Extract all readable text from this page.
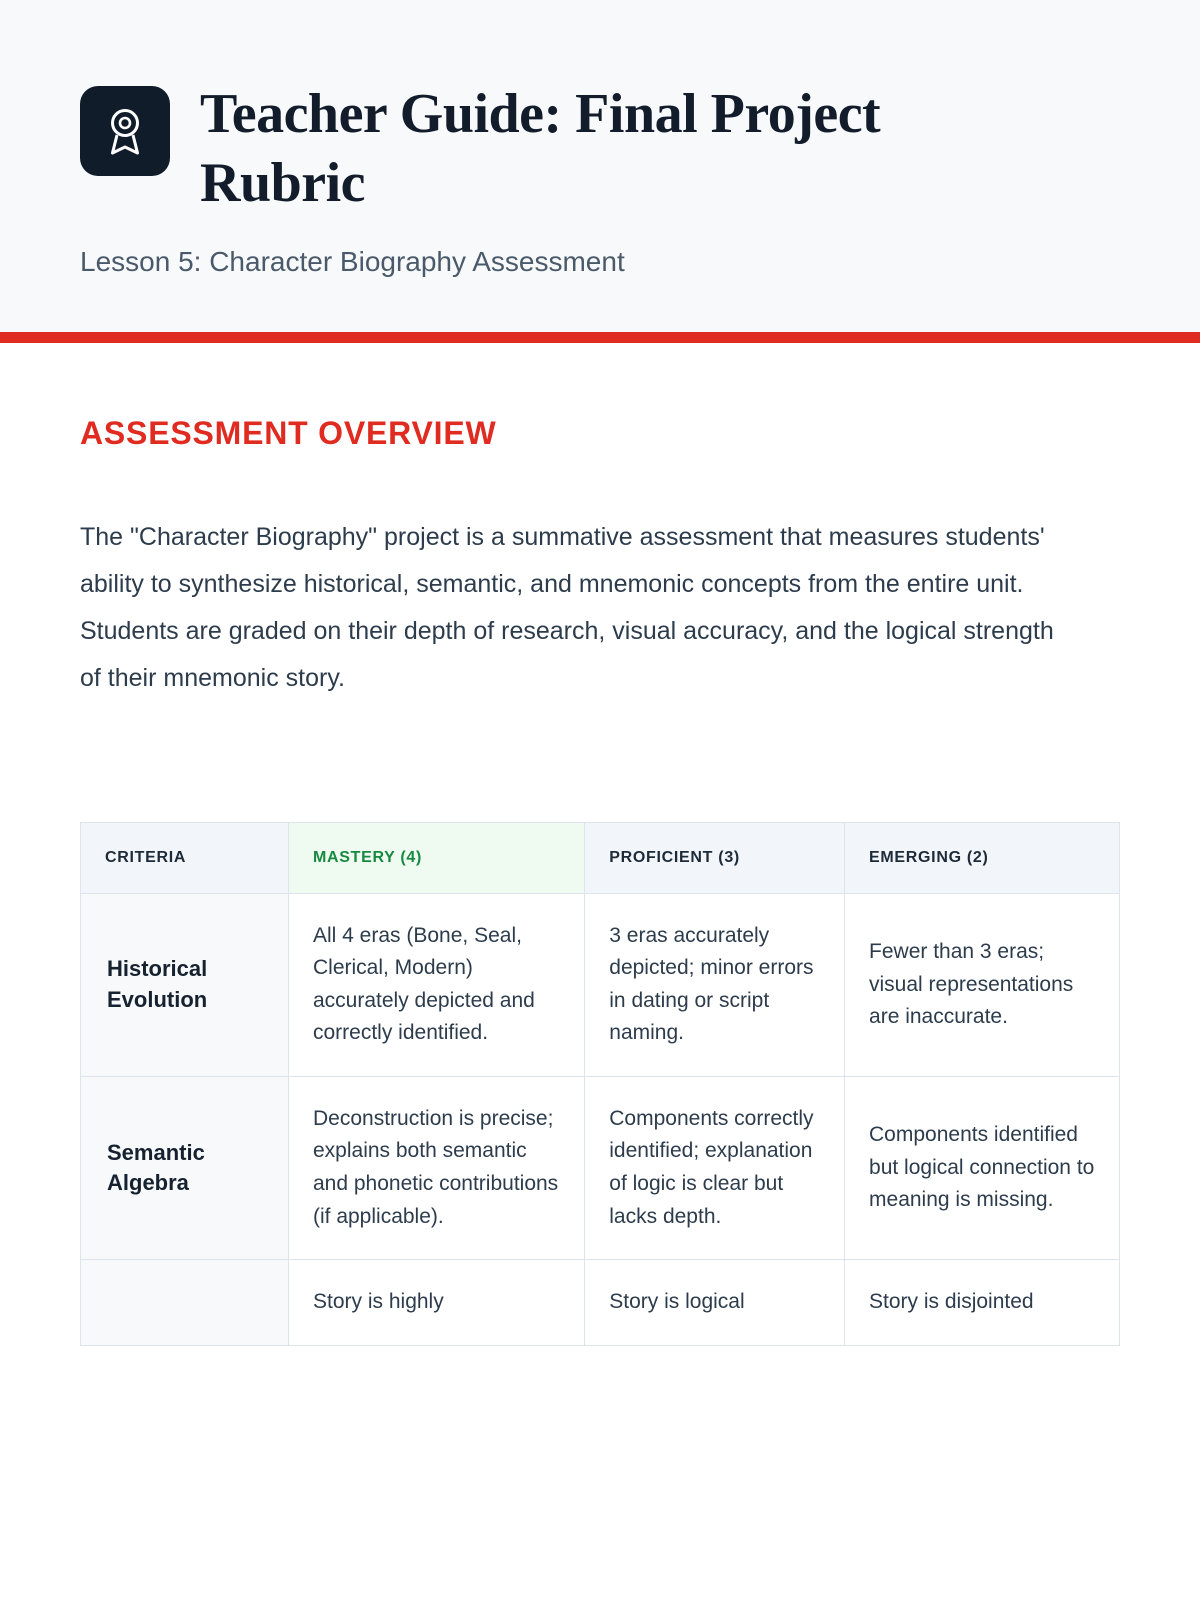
Teacher Guide: Final Project Rubric

Lesson 5: Character Biography Assessment

ASSESSMENT OVERVIEW

The "Character Biography" project is a summative assessment that measures students' ability to synthesize historical, semantic, and mnemonic concepts from the entire unit. Students are graded on their depth of research, visual accuracy, and the logical strength of their mnemonic story.

CRITERIA	MASTERY (4)	PROFICIENT (3)	EMERGING (2)
Historical Evolution	All 4 eras (Bone, Seal, Clerical, Modern) accurately depicted and correctly identified.	3 eras accurately depicted; minor errors in dating or script naming.	Fewer than 3 eras; visual representations are inaccurate.
Semantic Algebra	Deconstruction is precise; explains both semantic and phonetic contributions (if applicable).	Components correctly identified; explanation of logic is clear but lacks depth.	Components identified but logical connection to meaning is missing.
	Story is highly	Story is logical	Story is disjointed
